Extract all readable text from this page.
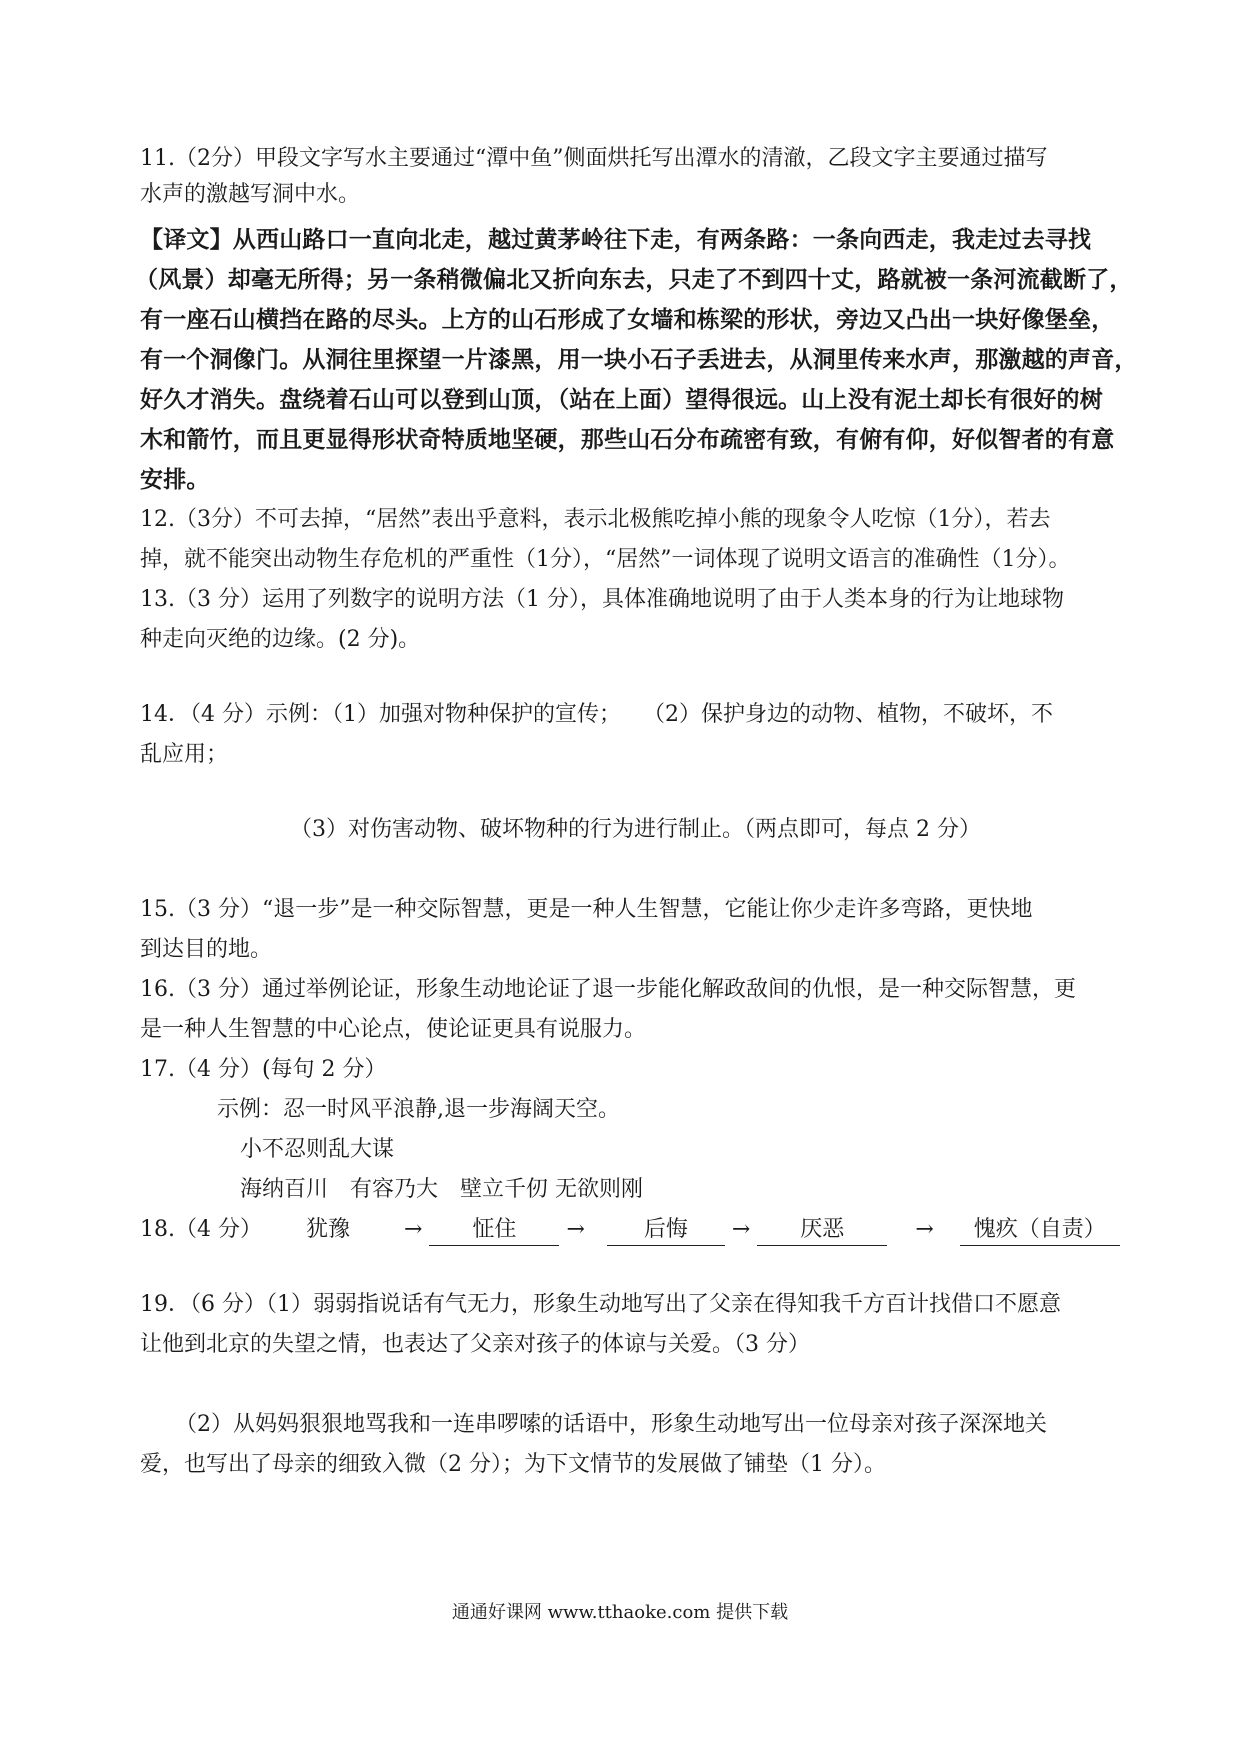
11.（2分）甲段文字写水主要通过“潭中鱼”侧面烘托写出潭水的清澈，乙段文字主要通过描写
水声的激越写洞中水。
【译文】从西山路口一直向北走，越过黄茅岭往下走，有两条路：一条向西走，我走过去寻找
（风景）却毫无所得；另一条稍微偏北又折向东去，只走了不到四十丈，路就被一条河流截断了，
有一座石山横挡在路的尽头。上方的山石形成了女墙和栋梁的形状，旁边又凸出一块好像堡垒，
有一个洞像门。从洞往里探望一片漆黑，用一块小石子丢进去，从洞里传来水声，那激越的声音，
好久才消失。盘绕着石山可以登到山顶，（站在上面）望得很远。山上没有泥土却长有很好的树
木和箭竹，而且更显得形状奇特质地坚硬，那些山石分布疏密有致，有俯有仰，好似智者的有意
安排。
12.（3分）不可去掉，“居然”表出乎意料，表示北极熊吃掉小熊的现象令人吃惊（1分），若去
掉，就不能突出动物生存危机的严重性（1分），“居然”一词体现了说明文语言的准确性（1分）。
13.（3 分）运用了列数字的说明方法（1 分），具体准确地说明了由于人类本身的行为让地球物
种走向灭绝的边缘。(2 分)。
14．（4 分）示例：（1）加强对物种保护的宣传；　　（2）保护身边的动物、植物，不破坏，不
乱应用；
（3）对伤害动物、破坏物种的行为进行制止。（两点即可，每点 2 分）
15.（3 分）“退一步”是一种交际智慧，更是一种人生智慧，它能让你少走许多弯路，更快地
到达目的地。
16.（3 分）通过举例论证，形象生动地论证了退一步能化解政敌间的仇恨，是一种交际智慧，更
是一种人生智慧的中心论点，使论证更具有说服力。
17.（4 分）(每句 2 分）
示例：忍一时风平浪静,退一步海阔天空。
小不忍则乱大谋
海纳百川　有容乃大　壁立千仞 无欲则刚
18.（4 分） 犹豫 → 怔住 →	后悔 → 厌恶	→ 愧疚（自责）
19．（6 分）（1）弱弱指说话有气无力，形象生动地写出了父亲在得知我千方百计找借口不愿意
让他到北京的失望之情，也表达了父亲对孩子的体谅与关爱。（3 分）
（2）从妈妈狠狠地骂我和一连串啰嗦的话语中，形象生动地写出一位母亲对孩子深深地关
爱，也写出了母亲的细致入微（2 分）；为下文情节的发展做了铺垫（1 分）。
通通好课网 www.tthaoke.com 提供下载
